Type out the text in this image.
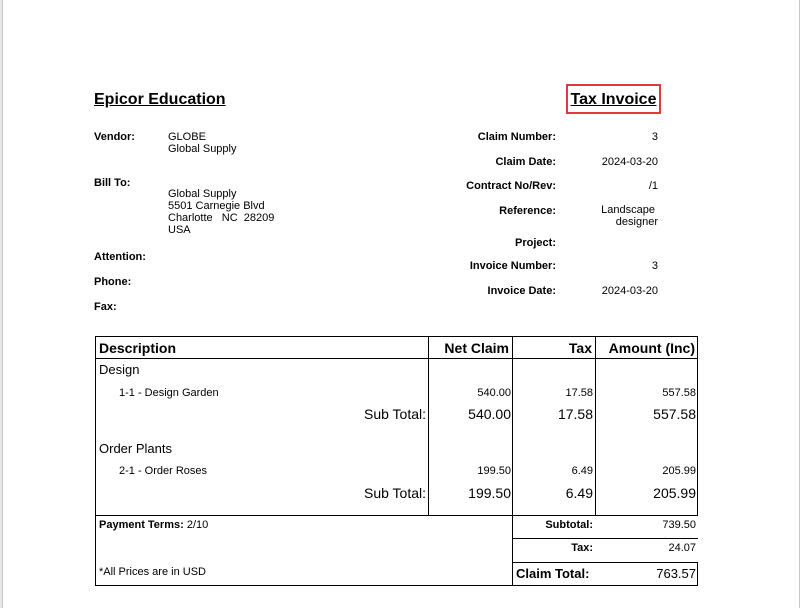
Epicor Education	Tax Invoice
Vendor:	GLOBE
Global Supply
Bill To:
Global Supply
5501 Carnegie Blvd
Charlotte   NC  28209
USA
Attention:
Phone:
Fax:
Claim Number:	3
Claim Date:	2024-03-20
Contract No/Rev:	/1
Reference:	Landscape
designer
Project:
Invoice Number:	3
Invoice Date:	2024-03-20
Description	Net Claim	Tax	Amount (Inc)
Design
1-1 - Design Garden	540.00	17.58	557.58
Sub Total:	540.00	17.58	557.58
Order Plants
2-1 - Order Roses	199.50	6.49	205.99
Sub Total:	199.50	6.49	205.99
Payment Terms: 2/10
*All Prices are in USD
Subtotal:	739.50
Tax:	24.07
Claim Total:	763.57
